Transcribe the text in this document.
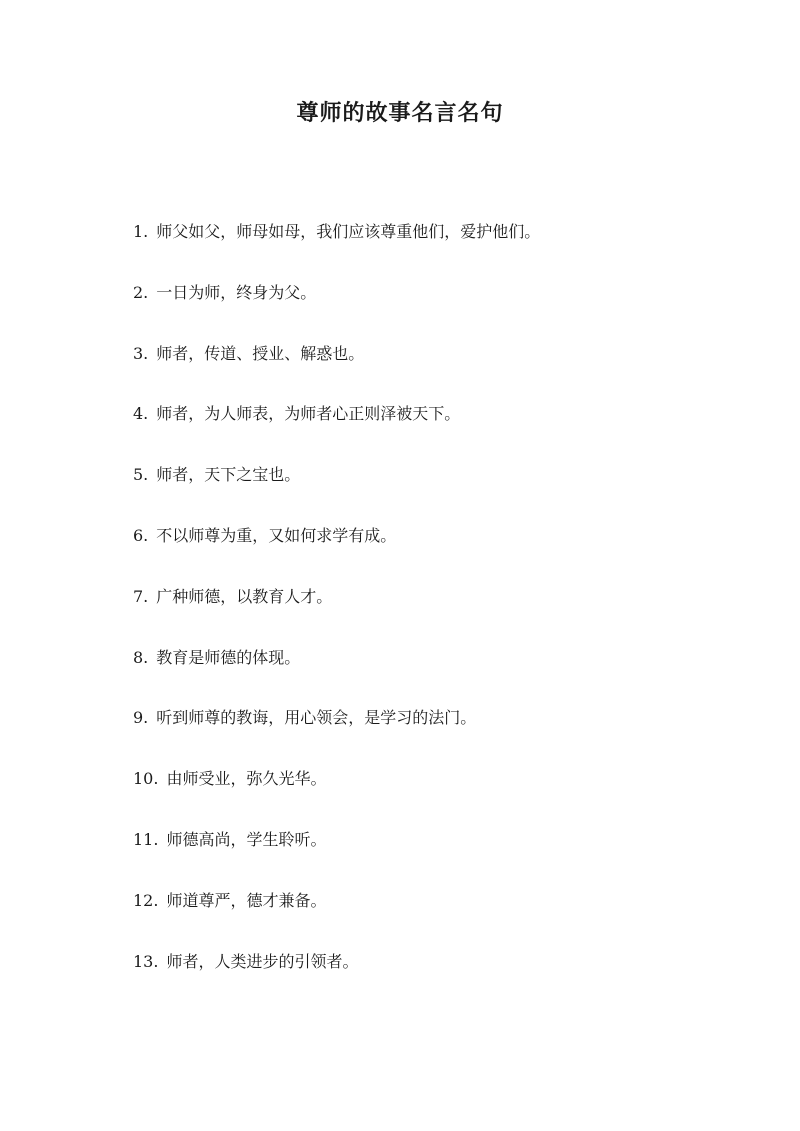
尊师的故事名言名句
1. 师父如父，师母如母，我们应该尊重他们，爱护他们。
2. 一日为师，终身为父。
3. 师者，传道、授业、解惑也。
4. 师者，为人师表，为师者心正则泽被天下。
5. 师者，天下之宝也。
6. 不以师尊为重，又如何求学有成。
7. 广种师德，以教育人才。
8. 教育是师德的体现。
9. 听到师尊的教诲，用心领会，是学习的法门。
10. 由师受业，弥久光华。
11. 师德高尚，学生聆听。
12. 师道尊严，德才兼备。
13. 师者，人类进步的引领者。
